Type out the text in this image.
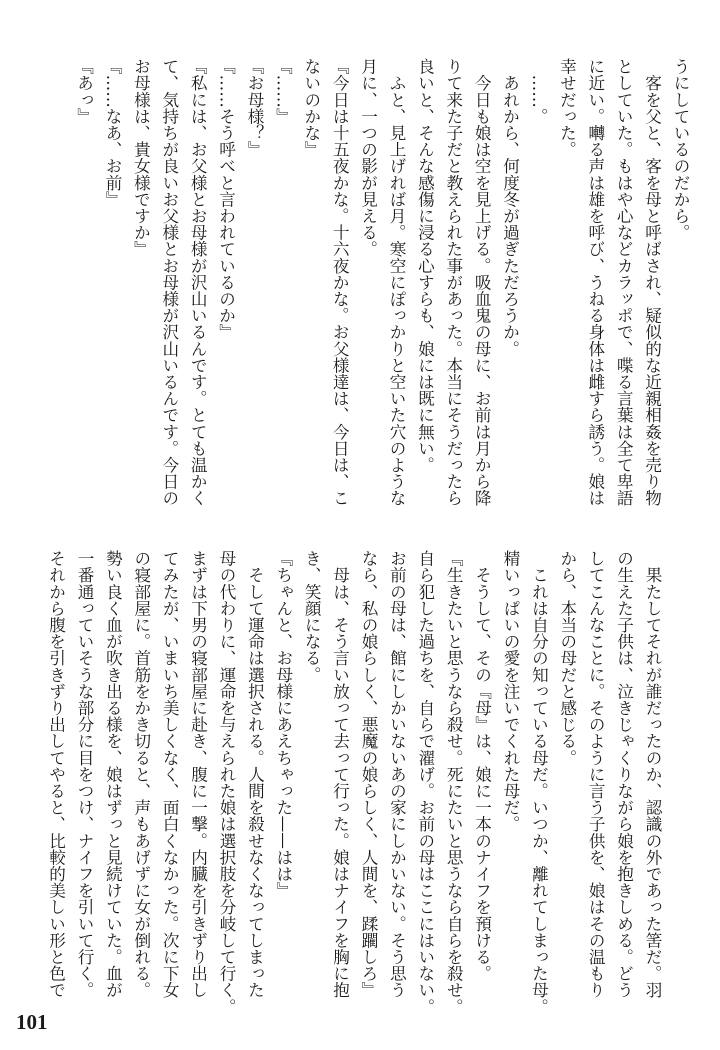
うにしているのだから。
　客を父と、客を母と呼ばされ、疑似的な近親相姦を売り物
としていた。もはや心などカラッポで、喋る言葉は全て卑語
に近い。囀る声は雄を呼び、うねる身体は雌すら誘う。娘は
幸せだった。
　……。
　あれから、何度冬が過ぎただろうか。
　今日も娘は空を見上げる。吸血鬼の母に、お前は月から降
りて来た子だと教えられた事があった。本当にそうだったら
良いと、そんな感傷に浸る心すらも、娘には既に無い。
　ふと、見上げれば月。寒空にぽっかりと空いた穴のような
月に、一つの影が見える。
『今日は十五夜かな。十六夜かな。お父様達は、今日は、こ
ないのかな』
『……』
『お母様？』
『……そう呼べと言われているのか』
『私には、お父様とお母様が沢山いるんです。とても温かく
て、気持ちが良いお父様とお母様が沢山いるんです。今日の
お母様は、貴女様ですか』
『……なあ、お前』
『あっ』
　果たしてそれが誰だったのか、認識の外であった筈だ。羽
の生えた子供は、泣きじゃくりながら娘を抱きしめる。どう
してこんなことに。そのように言う子供を、娘はその温もり
から、本当の母だと感じる。
　これは自分の知っている母だ。いつか、離れてしまった母。
精いっぱいの愛を注いでくれた母だ。
　そうして、その『母』は、娘に一本のナイフを預ける。
『生きたいと思うなら殺せ。死にたいと思うなら自らを殺せ。
自ら犯した過ちを、自らで濯げ。お前の母はここにはいない。
お前の母は、館にしかいないあの家にしかいない。そう思う
なら、私の娘らしく、悪魔の娘らしく、人間を、蹂躙しろ』
　母は、そう言い放って去って行った。娘はナイフを胸に抱
き、笑顔になる。
『ちゃんと、お母様にあえちゃった——はは』
　そして運命は選択される。人間を殺せなくなってしまった
母の代わりに、運命を与えられた娘は選択肢を分岐して行く。
まずは下男の寝部屋に赴き、腹に一撃。内臓を引きずり出し
てみたが、いまいち美しくなく、面白くなかった。次に下女
の寝部屋に。首筋をかき切ると、声もあげずに女が倒れる。
勢い良く血が吹き出る様を、娘はずっと見続けていた。血が
一番通っていそうな部分に目をつけ、ナイフを引いて行く。
それから腹を引きずり出してやると、比較的美しい形と色で
101
